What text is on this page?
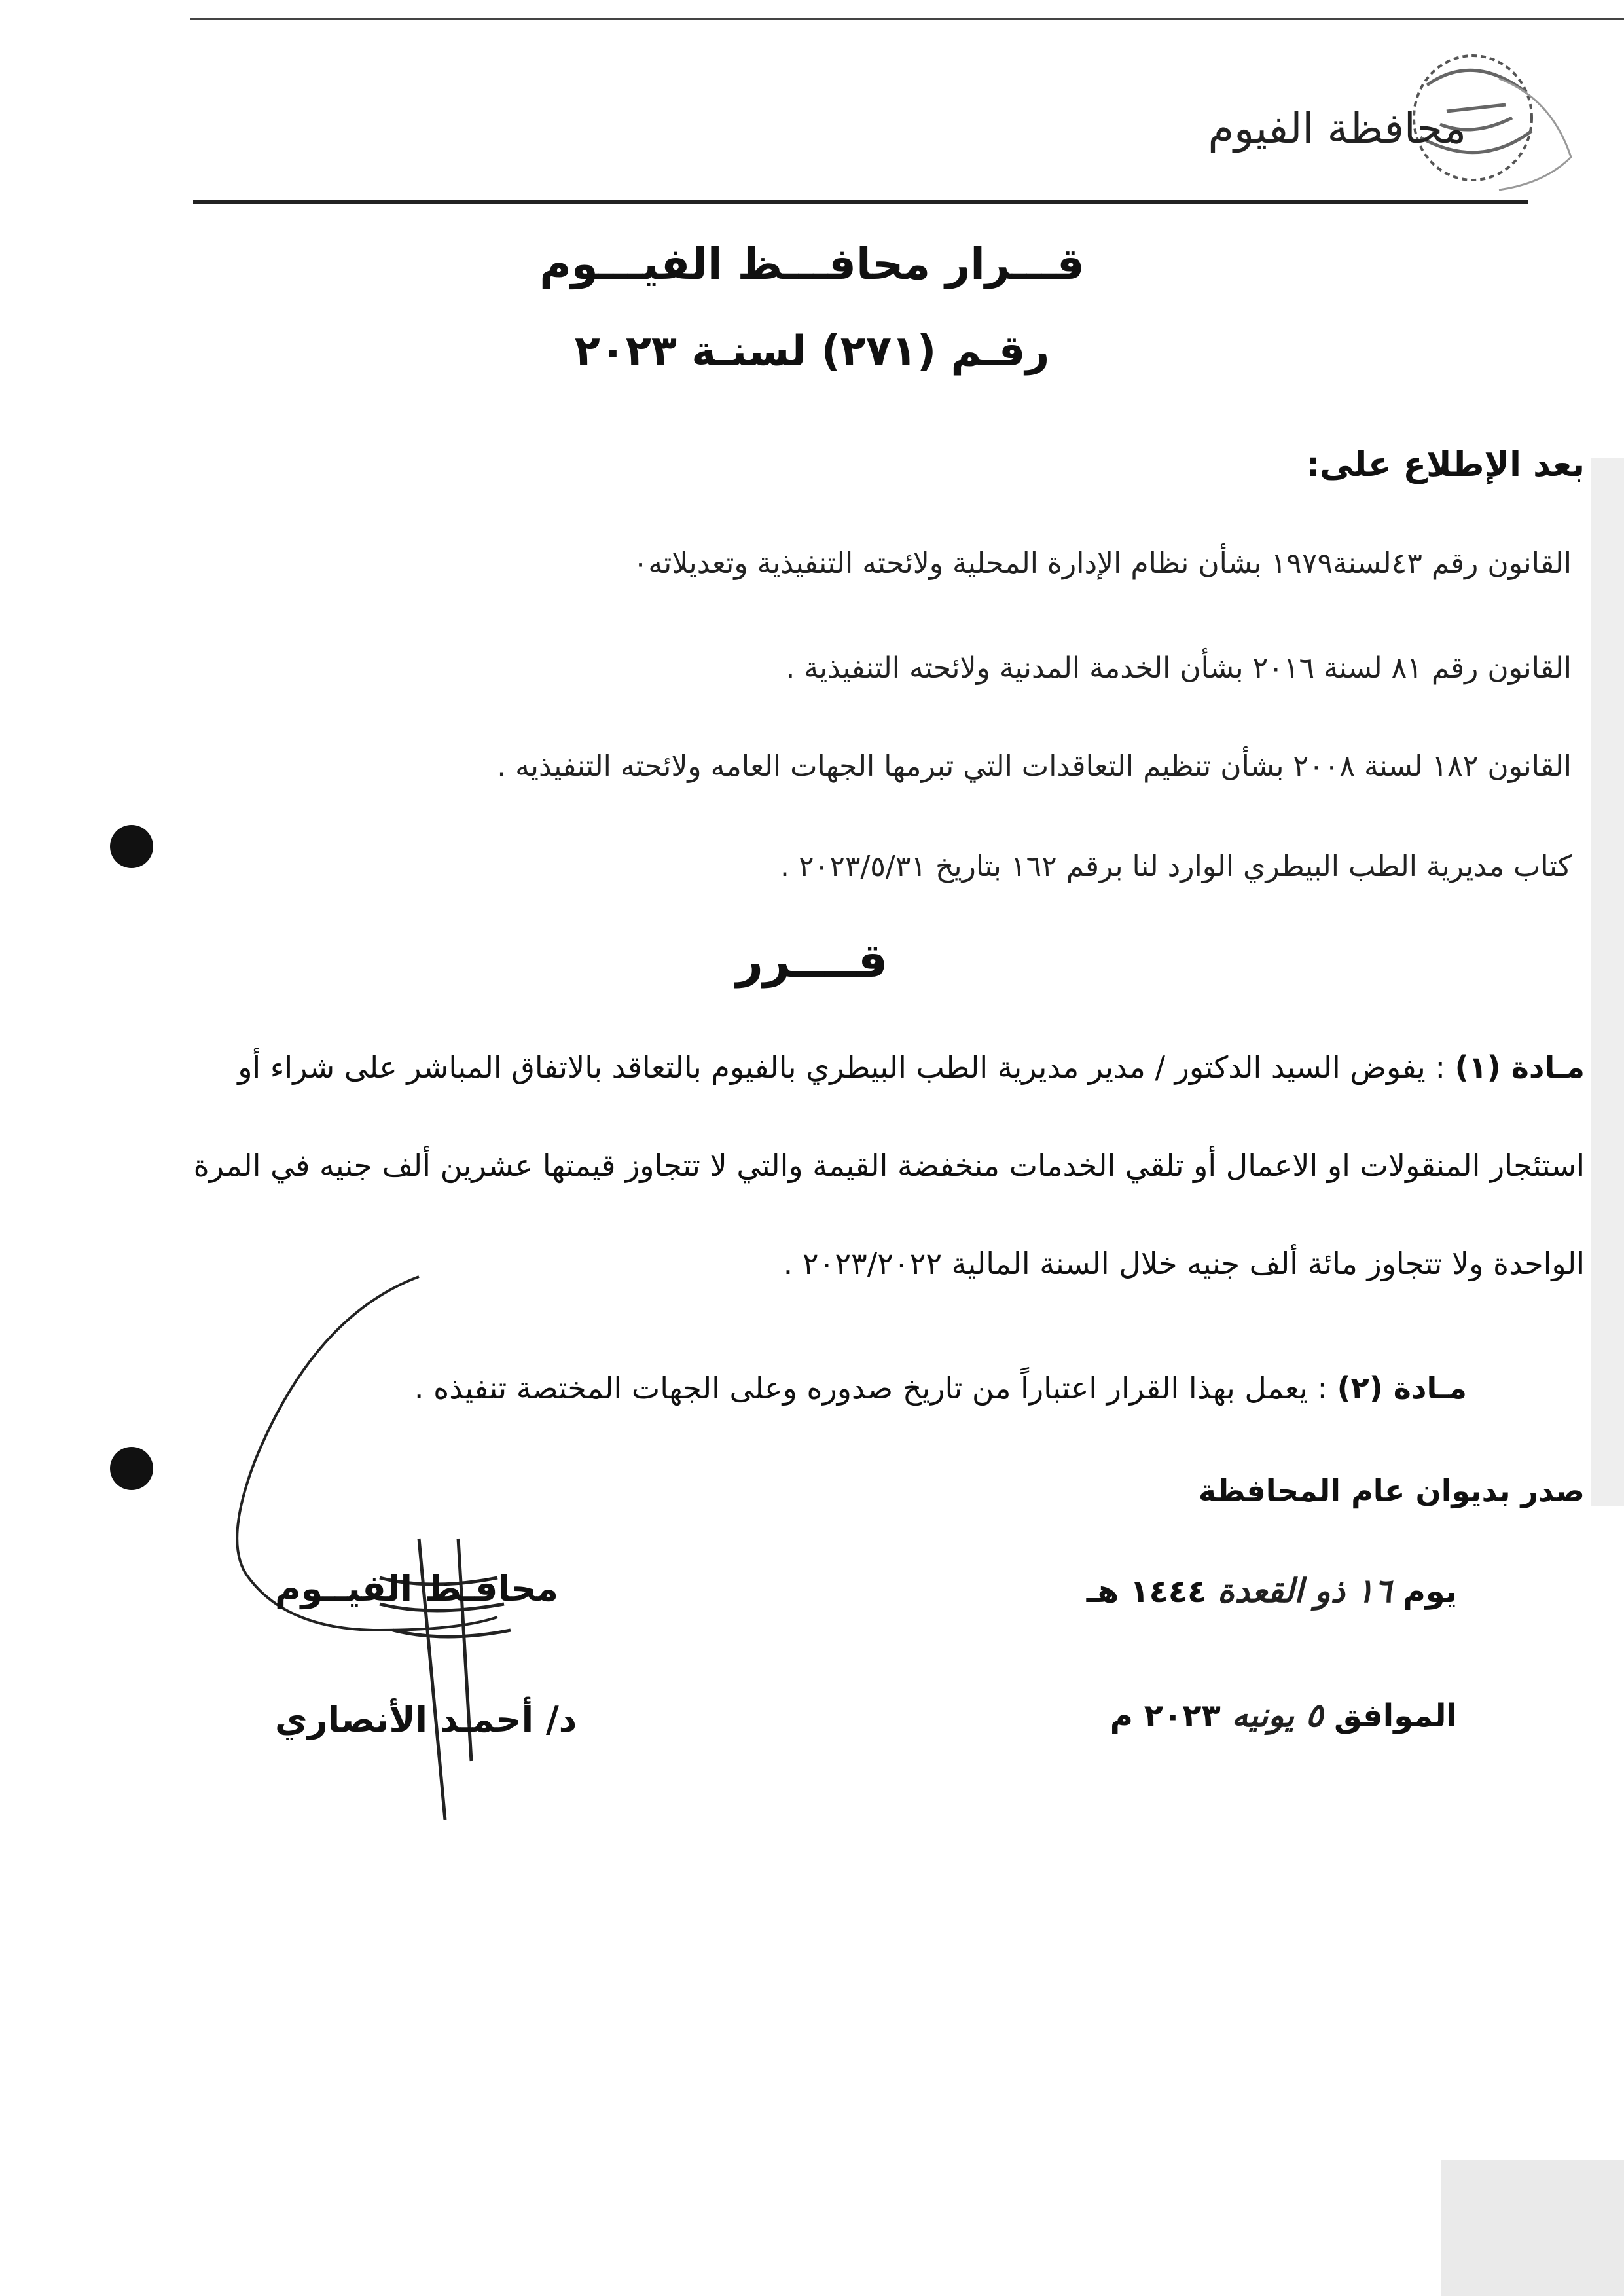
محافظة الفيوم
قـــرار محافـــظ الفيـــوم
رقـم (٢٧١) لسنـة ٢٠٢٣
بعد الإطلاع على:
القانون رقم ٤٣لسنة١٩٧٩ بشأن نظام الإدارة المحلية ولائحته التنفيذية وتعديلاته٠
القانون رقم ٨١ لسنة ٢٠١٦ بشأن الخدمة المدنية ولائحته التنفيذية .
القانون ١٨٢ لسنة ٢٠٠٨ بشأن تنظيم التعاقدات التي تبرمها الجهات العامه ولائحته التنفيذيه .
كتاب مديرية الطب البيطري الوارد لنا برقم ١٦٢ بتاريخ ٢٠٢٣/٥/٣١ .
قــــرر
مـادة (١) : يفوض السيد الدكتور / مدير مديرية الطب البيطري بالفيوم بالتعاقد بالاتفاق المباشر على شراء أو
استئجار المنقولات او الاعمال أو تلقي الخدمات منخفضة القيمة والتي لا تتجاوز قيمتها عشرين ألف جنيه في المرة
الواحدة ولا تتجاوز مائة ألف جنيه خلال السنة المالية ٢٠٢٣/٢٠٢٢ .
مـادة (٢) : يعمل بهذا القرار اعتباراً من تاريخ صدوره وعلى الجهات المختصة تنفيذه .
صدر بديوان عام المحافظة
يوم ١٦ ذو القعدة ١٤٤٤ هـ
الموافق ٥ يونيه ٢٠٢٣ م
محافـظ الفيــوم
د/ أحمـد الأنصاري
